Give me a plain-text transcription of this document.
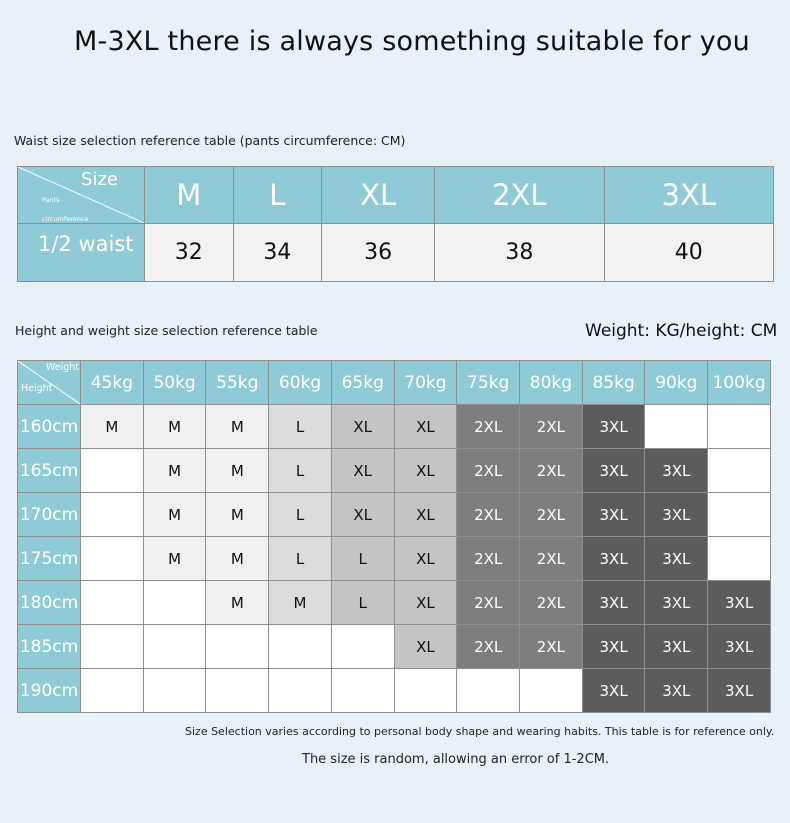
M-3XL there is always something suitable for you
Waist size selection reference table (pants circumference: CM)
Size
Pants
circumference	M	L	XL	2XL	3XL
1/2 waist	32	34	36	38	40
Height and weight size selection reference table	Weight: KG/height: CM
Weight
Height	45kg	50kg	55kg	60kg	65kg	70kg	75kg	80kg	85kg	90kg	100kg
160cm	M	M	M	L	XL	XL	2XL	2XL	3XL		
165cm		M	M	L	XL	XL	2XL	2XL	3XL	3XL	
170cm		M	M	L	XL	XL	2XL	2XL	3XL	3XL	
175cm		M	M	L	L	XL	2XL	2XL	3XL	3XL	
180cm			M	M	L	XL	2XL	2XL	3XL	3XL	3XL
185cm						XL	2XL	2XL	3XL	3XL	3XL
190cm									3XL	3XL	3XL
Size Selection varies according to personal body shape and wearing habits. This table is for reference only.
The size is random, allowing an error of 1-2CM.
